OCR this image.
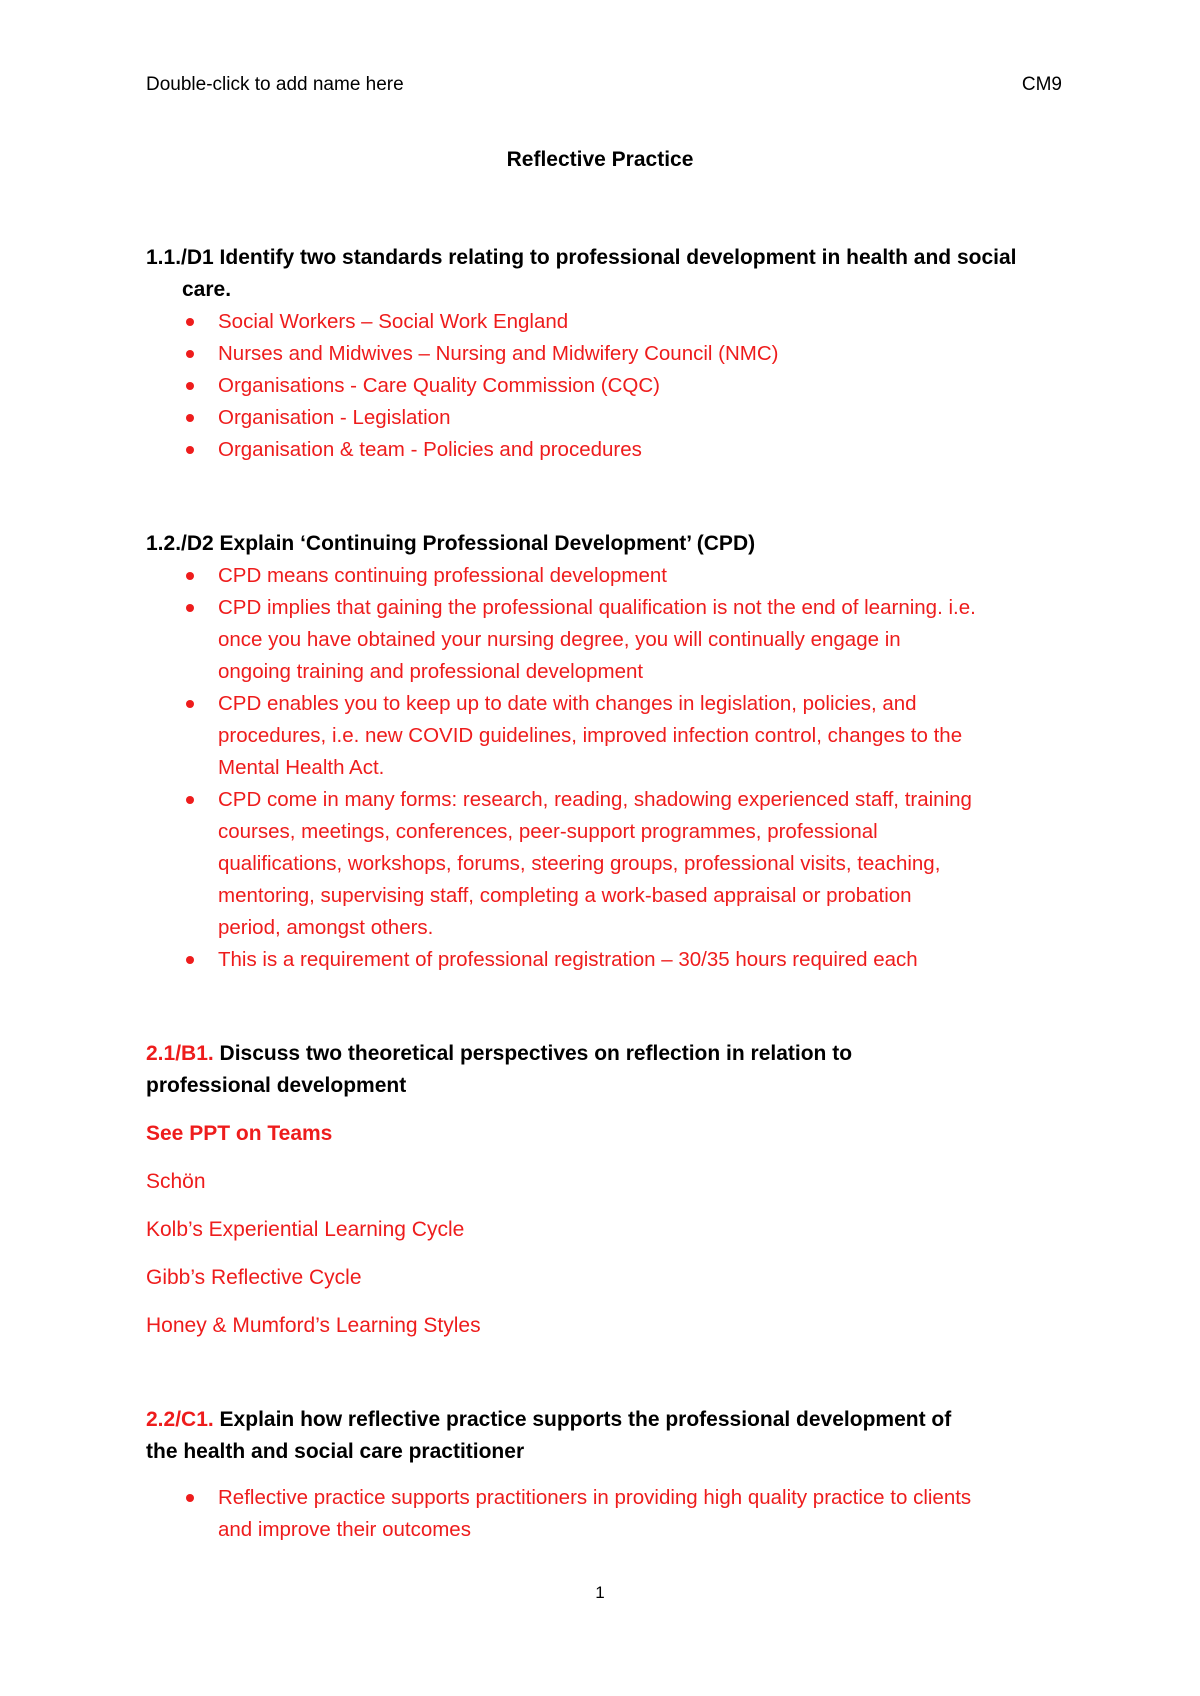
Double-click to add name here	CM9
Reflective Practice

1.1./D1 Identify two standards relating to professional development in health and social
care.

Social Workers – Social Work England
Nurses and Midwives – Nursing and Midwifery Council (NMC)
Organisations - Care Quality Commission (CQC)
Organisation - Legislation
Organisation & team - Policies and procedures

1.2./D2 Explain ‘Continuing Professional Development’ (CPD)

CPD means continuing professional development
CPD implies that gaining the professional qualification is not the end of learning. i.e. once you have obtained your nursing degree, you will continually engage in ongoing training and professional development
CPD enables you to keep up to date with changes in legislation, policies, and procedures, i.e. new COVID guidelines, improved infection control, changes to the Mental Health Act.
CPD come in many forms: research, reading, shadowing experienced staff, training courses, meetings, conferences, peer-support programmes, professional qualifications, workshops, forums, steering groups, professional visits, teaching, mentoring, supervising staff, completing a work-based appraisal or probation period, amongst others.
This is a requirement of professional registration – 30/35 hours required each

2.1/B1. Discuss two theoretical perspectives on reflection in relation to professional development

See PPT on Teams

Schön

Kolb’s Experiential Learning Cycle

Gibb’s Reflective Cycle

Honey & Mumford’s Learning Styles

2.2/C1. Explain how reflective practice supports the professional development of the health and social care practitioner

Reflective practice supports practitioners in providing high quality practice to clients and improve their outcomes
1
